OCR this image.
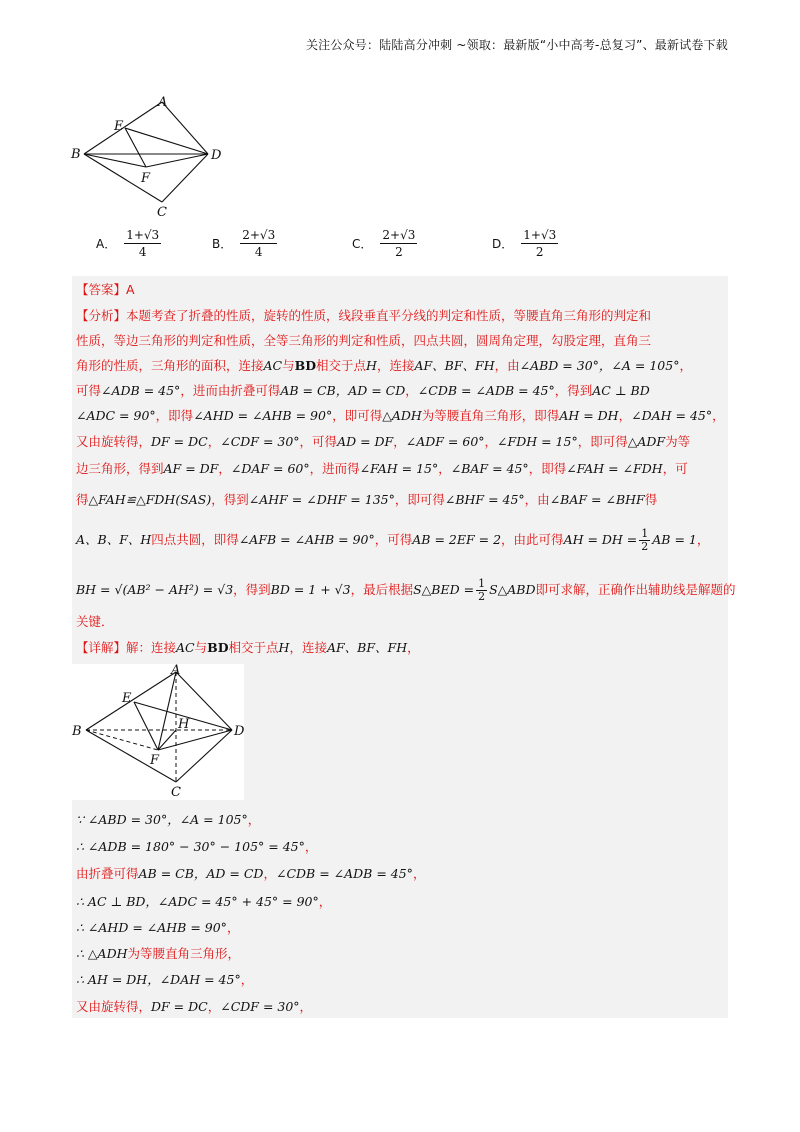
关注公众号：陆陆高分冲刺 ~领取：最新版“小中高考-总复习”、最新试卷下载
A
B
C
D
E
F
A． $\frac{1+√3}{4}$	B． $\frac{2+√3}{4}$	C． $\frac{2+√3}{2}$	D． $\frac{1+√3}{2}$
【答案】A
【分析】本题考查了折叠的性质，旋转的性质，线段垂直平分线的判定和性质，等腰直角三角形的判定和
性质，等边三角形的判定和性质，全等三角形的判定和性质，四点共圆，圆周角定理，勾股定理，直角三
角形的性质，三角形的面积，连接AC与BD相交于点H，连接AF、BF、FH，由∠ABD = 30°，∠A = 105°，
可得∠ADB = 45°，进而由折叠可得AB = CB，AD = CD，∠CDB = ∠ADB = 45°，得到AC ⊥ BD
∠ADC = 90°，即得∠AHD = ∠AHB = 90°，即可得△ADH为等腰直角三角形，即得AH = DH，∠DAH = 45°，
又由旋转得，DF = DC，∠CDF = 30°，可得AD = DF，∠ADF = 60°，∠FDH = 15°，即可得△ADF为等
边三角形，得到AF = DF，∠DAF = 60°，进而得∠FAH = 15°，∠BAF = 45°，即得∠FAH = ∠FDH，可
得△FAH≌△FDH(SAS)，得到∠AHF = ∠DHF = 135°，即可得∠BHF = 45°，由∠BAF = ∠BHF得
A、B、F、H四点共圆，即得∠AFB = ∠AHB = 90°，可得AB = 2EF = 2，由此可得AH = DH = $\frac{1}{2}$ AB = 1，
BH = √(AB² − AH²) = √3，得到BD = 1 + √3，最后根据S△BED = $\frac{1}{2}$ S△ABD即可求解，正确作出辅助线是解题的
关键．
【详解】解：连接AC与BD相交于点H，连接AF、BF、FH，
A
B
C
D
E
F
H
∵ ∠ABD = 30°，∠A = 105°，
∴ ∠ADB = 180° − 30° − 105° = 45°，
由折叠可得AB = CB，AD = CD，∠CDB = ∠ADB = 45°，
∴ AC ⊥ BD，∠ADC = 45° + 45° = 90°，
∴ ∠AHD = ∠AHB = 90°，
∴ △ADH为等腰直角三角形，
∴ AH = DH，∠DAH = 45°，
又由旋转得，DF = DC，∠CDF = 30°，
